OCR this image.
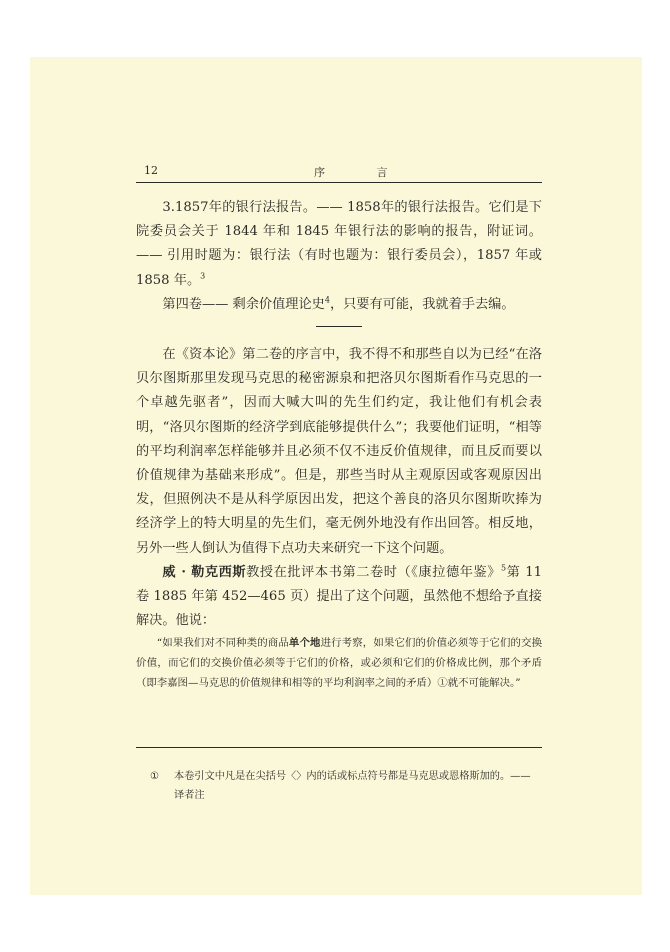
12	序 言

3.1857年的银行法报告。—— 1858年的银行法报告。它们是下院委员会关于 1844 年和 1845 年银行法的影响的报告，附证词。—— 引用时题为：银行法（有时也题为：银行委员会），1857 年或 1858 年。$^3$

第四卷—— 剩余价值理论史$^4$，只要有可能，我就着手去编。

在《资本论》第二卷的序言中，我不得不和那些自以为已经“在洛贝尔图斯那里发现马克思的秘密源泉和把洛贝尔图斯看作马克思的一个卓越先驱者”，因而大喊大叫的先生们约定，我让他们有机会表明，“洛贝尔图斯的经济学到底能够提供什么”；我要他们证明，“相等的平均利润率怎样能够并且必须不仅不违反价值规律，而且反而要以价值规律为基础来形成”。但是，那些当时从主观原因或客观原因出发，但照例决不是从科学原因出发，把这个善良的洛贝尔图斯吹捧为经济学上的特大明星的先生们，毫无例外地没有作出回答。相反地，另外一些人倒认为值得下点功夫来研究一下这个问题。

威 · 勒克西斯教授在批评本书第二卷时（《康拉德年鉴》$^5$第 11 卷 1885 年第 452—465 页）提出了这个问题，虽然他不想给予直接解决。他说：

“如果我们对不同种类的商品单个地进行考察，如果它们的价值必须等于它们的交换价值，而它们的交换价值必须等于它们的价格，或必须和它们的价格成比例，那个矛盾（即李嘉图—马克思的价值规律和相等的平均利润率之间的矛盾）①就不可能解决。”

① 本卷引文中凡是在尖括号〈〉内的话或标点符号都是马克思或恩格斯加的。—— 译者注
